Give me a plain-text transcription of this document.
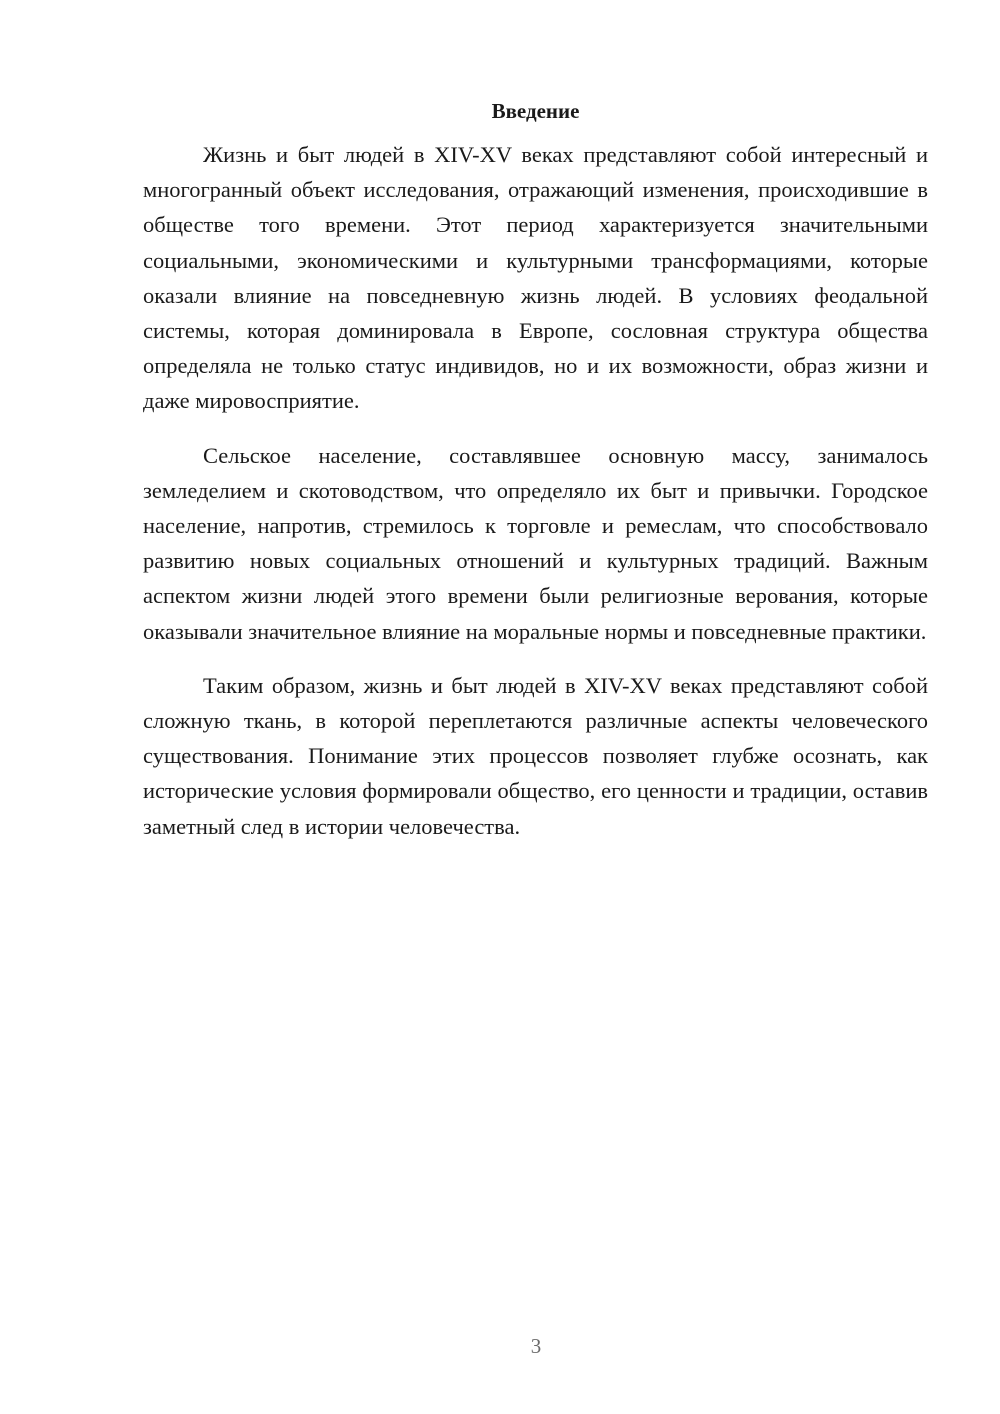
Введение

Жизнь и быт людей в XIV-XV веках представляют собой интересный и многогранный объект исследования, отражающий изменения, происходившие в обществе того времени. Этот период характеризуется значительными социальными, экономическими и культурными трансформациями, которые оказали влияние на повседневную жизнь людей. В условиях феодальной системы, которая доминировала в Европе, сословная структура общества определяла не только статус индивидов, но и их возможности, образ жизни и даже мировосприятие.

Сельское население, составлявшее основную массу, занималось земледелием и скотоводством, что определяло их быт и привычки. Городское население, напротив, стремилось к торговле и ремеслам, что способствовало развитию новых социальных отношений и культурных традиций. Важным аспектом жизни людей этого времени были религиозные верования, которые оказывали значительное влияние на моральные нормы и повседневные практики.

Таким образом, жизнь и быт людей в XIV-XV веках представляют собой сложную ткань, в которой переплетаются различные аспекты человеческого существования. Понимание этих процессов позволяет глубже осознать, как исторические условия формировали общество, его ценности и традиции, оставив заметный след в истории человечества.

3
